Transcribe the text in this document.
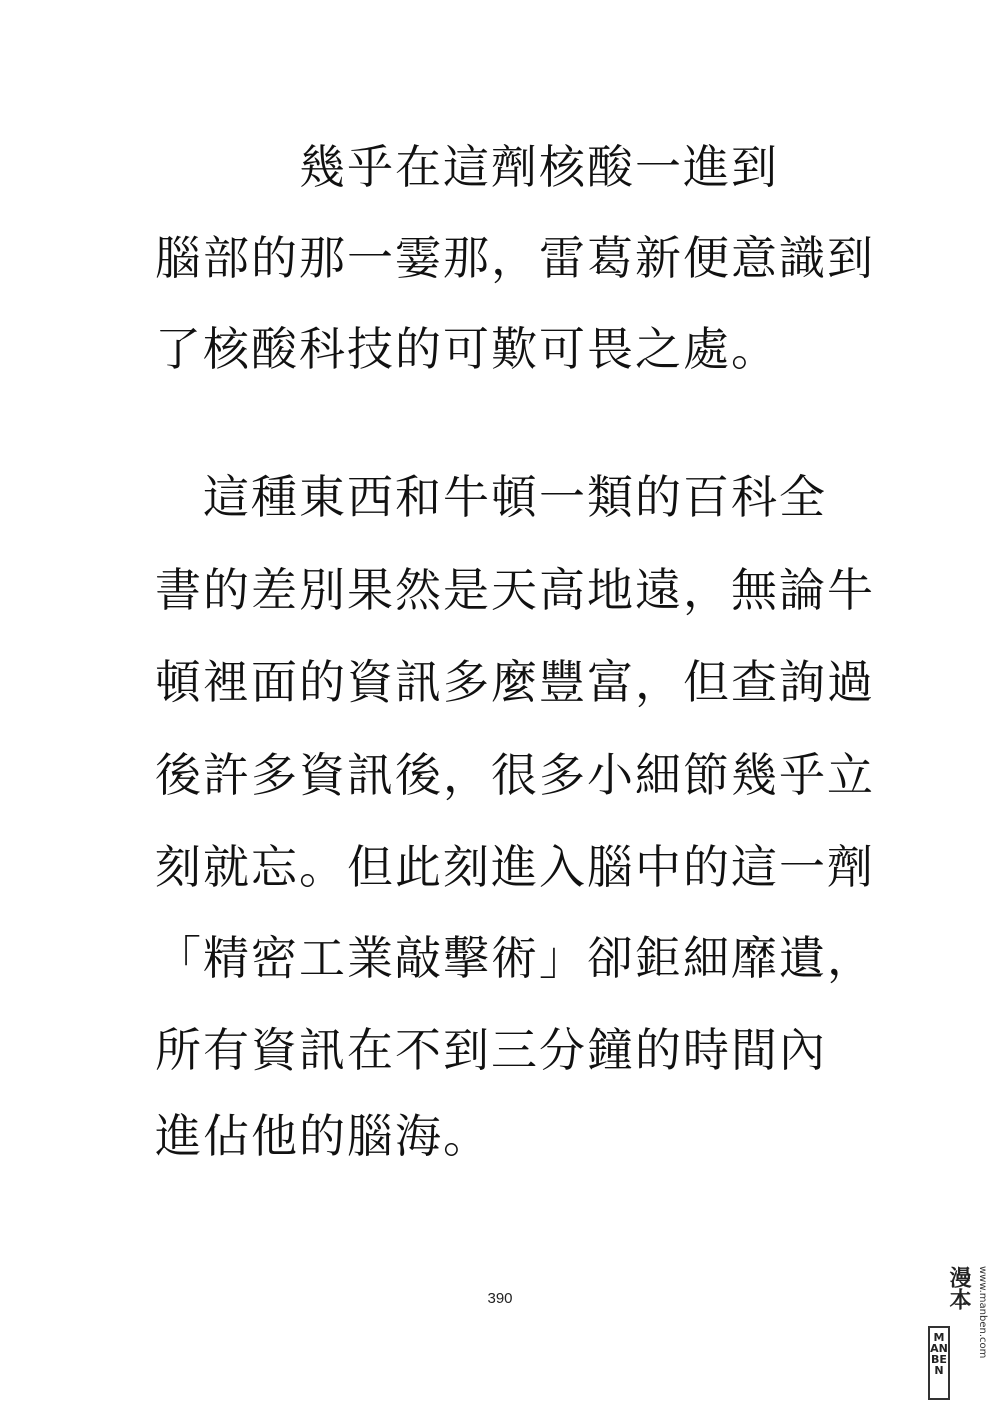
　　　幾乎在這劑核酸一進到
腦部的那一霎那，雷葛新便意識到
了核酸科技的可歎可畏之處。
　這種東西和牛頓一類的百科全
書的差別果然是天高地遠，無論牛
頓裡面的資訊多麼豐富，但查詢過
後許多資訊後，很多小細節幾乎立
刻就忘。但此刻進入腦中的這一劑
「精密工業敲擊術」卻鉅細靡遺，
所有資訊在不到三分鐘的時間內
進佔他的腦海。
390
MANBEN
漫本 www.manben.com
